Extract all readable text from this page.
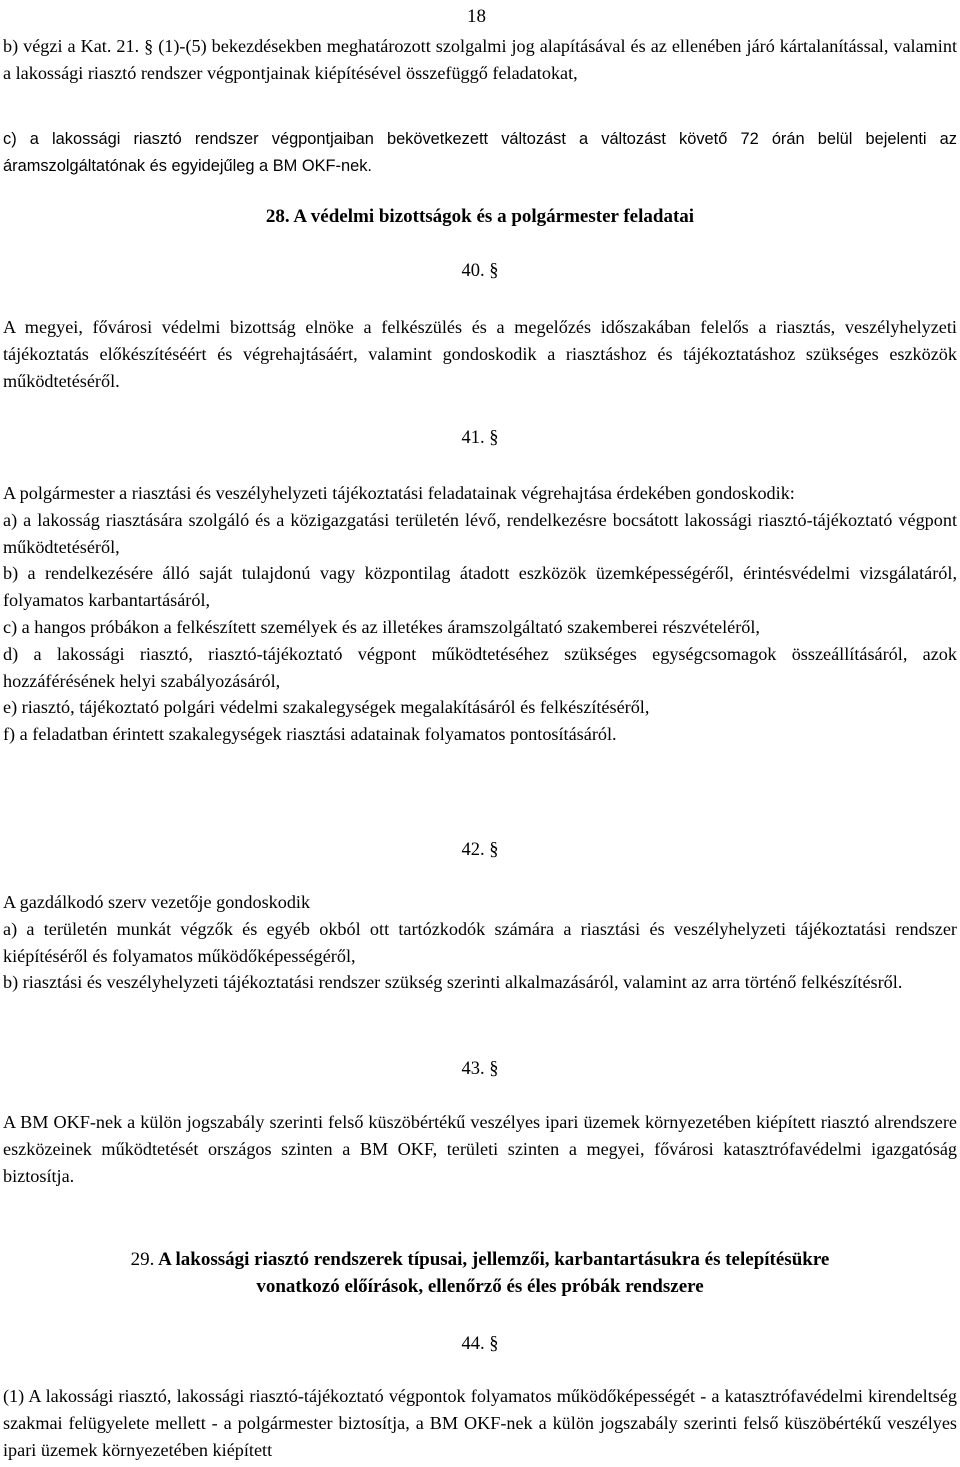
18

b) végzi a Kat. 21. § (1)-(5) bekezdésekben meghatározott szolgalmi jog alapításával és az ellenében járó kártalanítással, valamint a lakossági riasztó rendszer végpontjainak kiépítésével összefüggő feladatokat,

c) a lakossági riasztó rendszer végpontjaiban bekövetkezett változást a változást követő 72 órán belül bejelenti az áramszolgáltatónak és egyidejűleg a BM OKF-nek.

28. A védelmi bizottságok és a polgármester feladatai
40. §

A megyei, fővárosi védelmi bizottság elnöke a felkészülés és a megelőzés időszakában felelős a riasztás, veszélyhelyzeti tájékoztatás előkészítéséért és végrehajtásáért, valamint gondoskodik a riasztáshoz és tájékoztatáshoz szükséges eszközök működtetéséről.

41. §

A polgármester a riasztási és veszélyhelyzeti tájékoztatási feladatainak végrehajtása érdekében gondoskodik:

a) a lakosság riasztására szolgáló és a közigazgatási területén lévő, rendelkezésre bocsátott lakossági riasztó-tájékoztató végpont működtetéséről,

b) a rendelkezésére álló saját tulajdonú vagy központilag átadott eszközök üzemképességéről, érintésvédelmi vizsgálatáról, folyamatos karbantartásáról,

c) a hangos próbákon a felkészített személyek és az illetékes áramszolgáltató szakemberei részvételéről,

d) a lakossági riasztó, riasztó-tájékoztató végpont működtetéséhez szükséges egységcsomagok összeállításáról, azok hozzáférésének helyi szabályozásáról,

e) riasztó, tájékoztató polgári védelmi szakalegységek megalakításáról és felkészítéséről,

f) a feladatban érintett szakalegységek riasztási adatainak folyamatos pontosításáról.

42. §

A gazdálkodó szerv vezetője gondoskodik

a) a területén munkát végzők és egyéb okból ott tartózkodók számára a riasztási és veszélyhelyzeti tájékoztatási rendszer kiépítéséről és folyamatos működőképességéről,

b) riasztási és veszélyhelyzeti tájékoztatási rendszer szükség szerinti alkalmazásáról, valamint az arra történő felkészítésről.

43. §

A BM OKF-nek a külön jogszabály szerinti felső küszöbértékű veszélyes ipari üzemek környezetében kiépített riasztó alrendszere eszközeinek működtetését országos szinten a BM OKF, területi szinten a megyei, fővárosi katasztrófavédelmi igazgatóság biztosítja.

29. A lakossági riasztó rendszerek típusai, jellemzői, karbantartásukra és telepítésükre
vonatkozó előírások, ellenőrző és éles próbák rendszere
44. §

(1) A lakossági riasztó, lakossági riasztó-tájékoztató végpontok folyamatos működőképességét - a katasztrófavédelmi kirendeltség szakmai felügyelete mellett - a polgármester biztosítja, a BM OKF-nek a külön jogszabály szerinti felső küszöbértékű veszélyes ipari üzemek környezetében kiépített
